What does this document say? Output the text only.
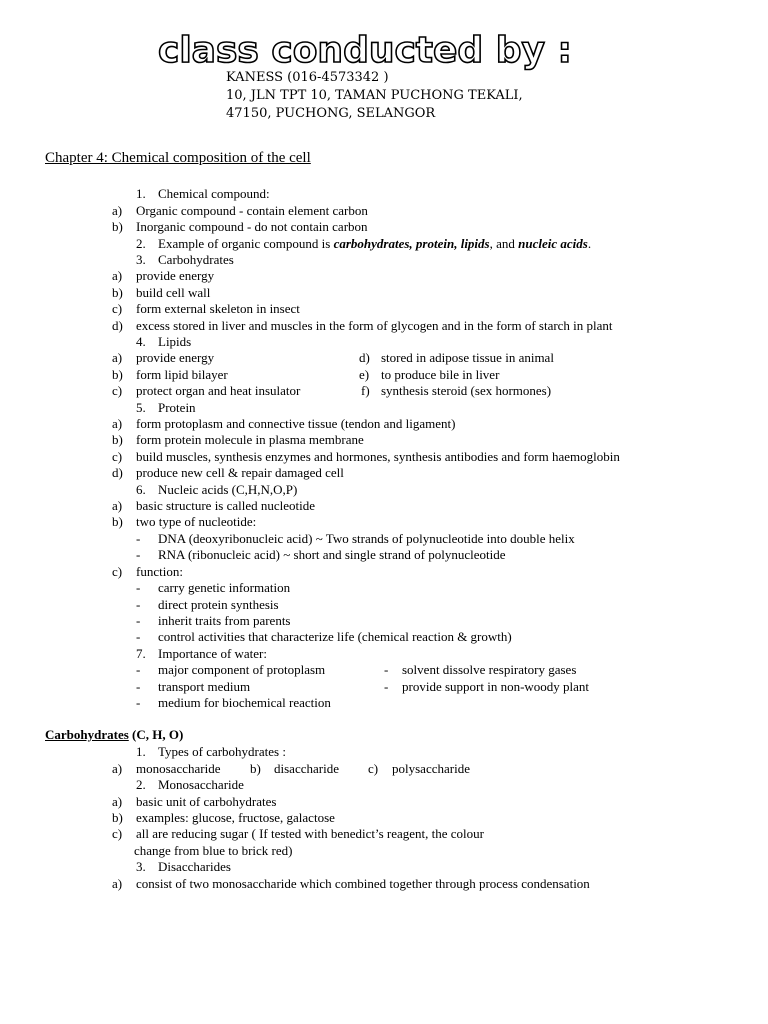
class conducted by :
KANESS (016-4573342 )
10, JLN TPT 10, TAMAN PUCHONG TEKALI,
47150, PUCHONG, SELANGOR
Chapter 4: Chemical composition of the cell
1. Chemical compound:
a) Organic compound - contain element carbon
b) Inorganic compound - do not contain carbon
2. Example of organic compound is carbohydrates, protein, lipids, and nucleic acids.
3. Carbohydrates
a) provide energy
b) build cell wall
c) form external skeleton in insect
d) excess stored in liver and muscles in the form of glycogen and in the form of starch in plant
4. Lipids
a) provide energy	d) stored in adipose tissue in animal
b) form lipid bilayer	e) to produce bile in liver
c) protect organ and heat insulator	f) synthesis steroid (sex hormones)
5. Protein
a) form protoplasm and connective tissue (tendon and ligament)
b) form protein molecule in plasma membrane
c) build muscles, synthesis enzymes and hormones, synthesis antibodies and form haemoglobin
d) produce new cell & repair damaged cell
6. Nucleic acids (C,H,N,O,P)
a) basic structure is called nucleotide
b) two type of nucleotide:
- DNA (deoxyribonucleic acid) ~ Two strands of polynucleotide into double helix
- RNA (ribonucleic acid) ~ short and single strand of polynucleotide
c) function:
- carry genetic information
- direct protein synthesis
- inherit traits from parents
- control activities that characterize life (chemical reaction & growth)
7. Importance of water:
- major component of protoplasm	- solvent dissolve respiratory gases
- transport medium	- provide support in non-woody plant
- medium for biochemical reaction
Carbohydrates (C, H, O)
1. Types of carbohydrates :
a) monosaccharide b) disaccharide c) polysaccharide
2. Monosaccharide
a) basic unit of carbohydrates
b) examples: glucose, fructose, galactose
c) all are reducing sugar ( If tested with benedict’s reagent, the colour
change from blue to brick red)
3. Disaccharides
a) consist of two monosaccharide which combined together through process condensation
